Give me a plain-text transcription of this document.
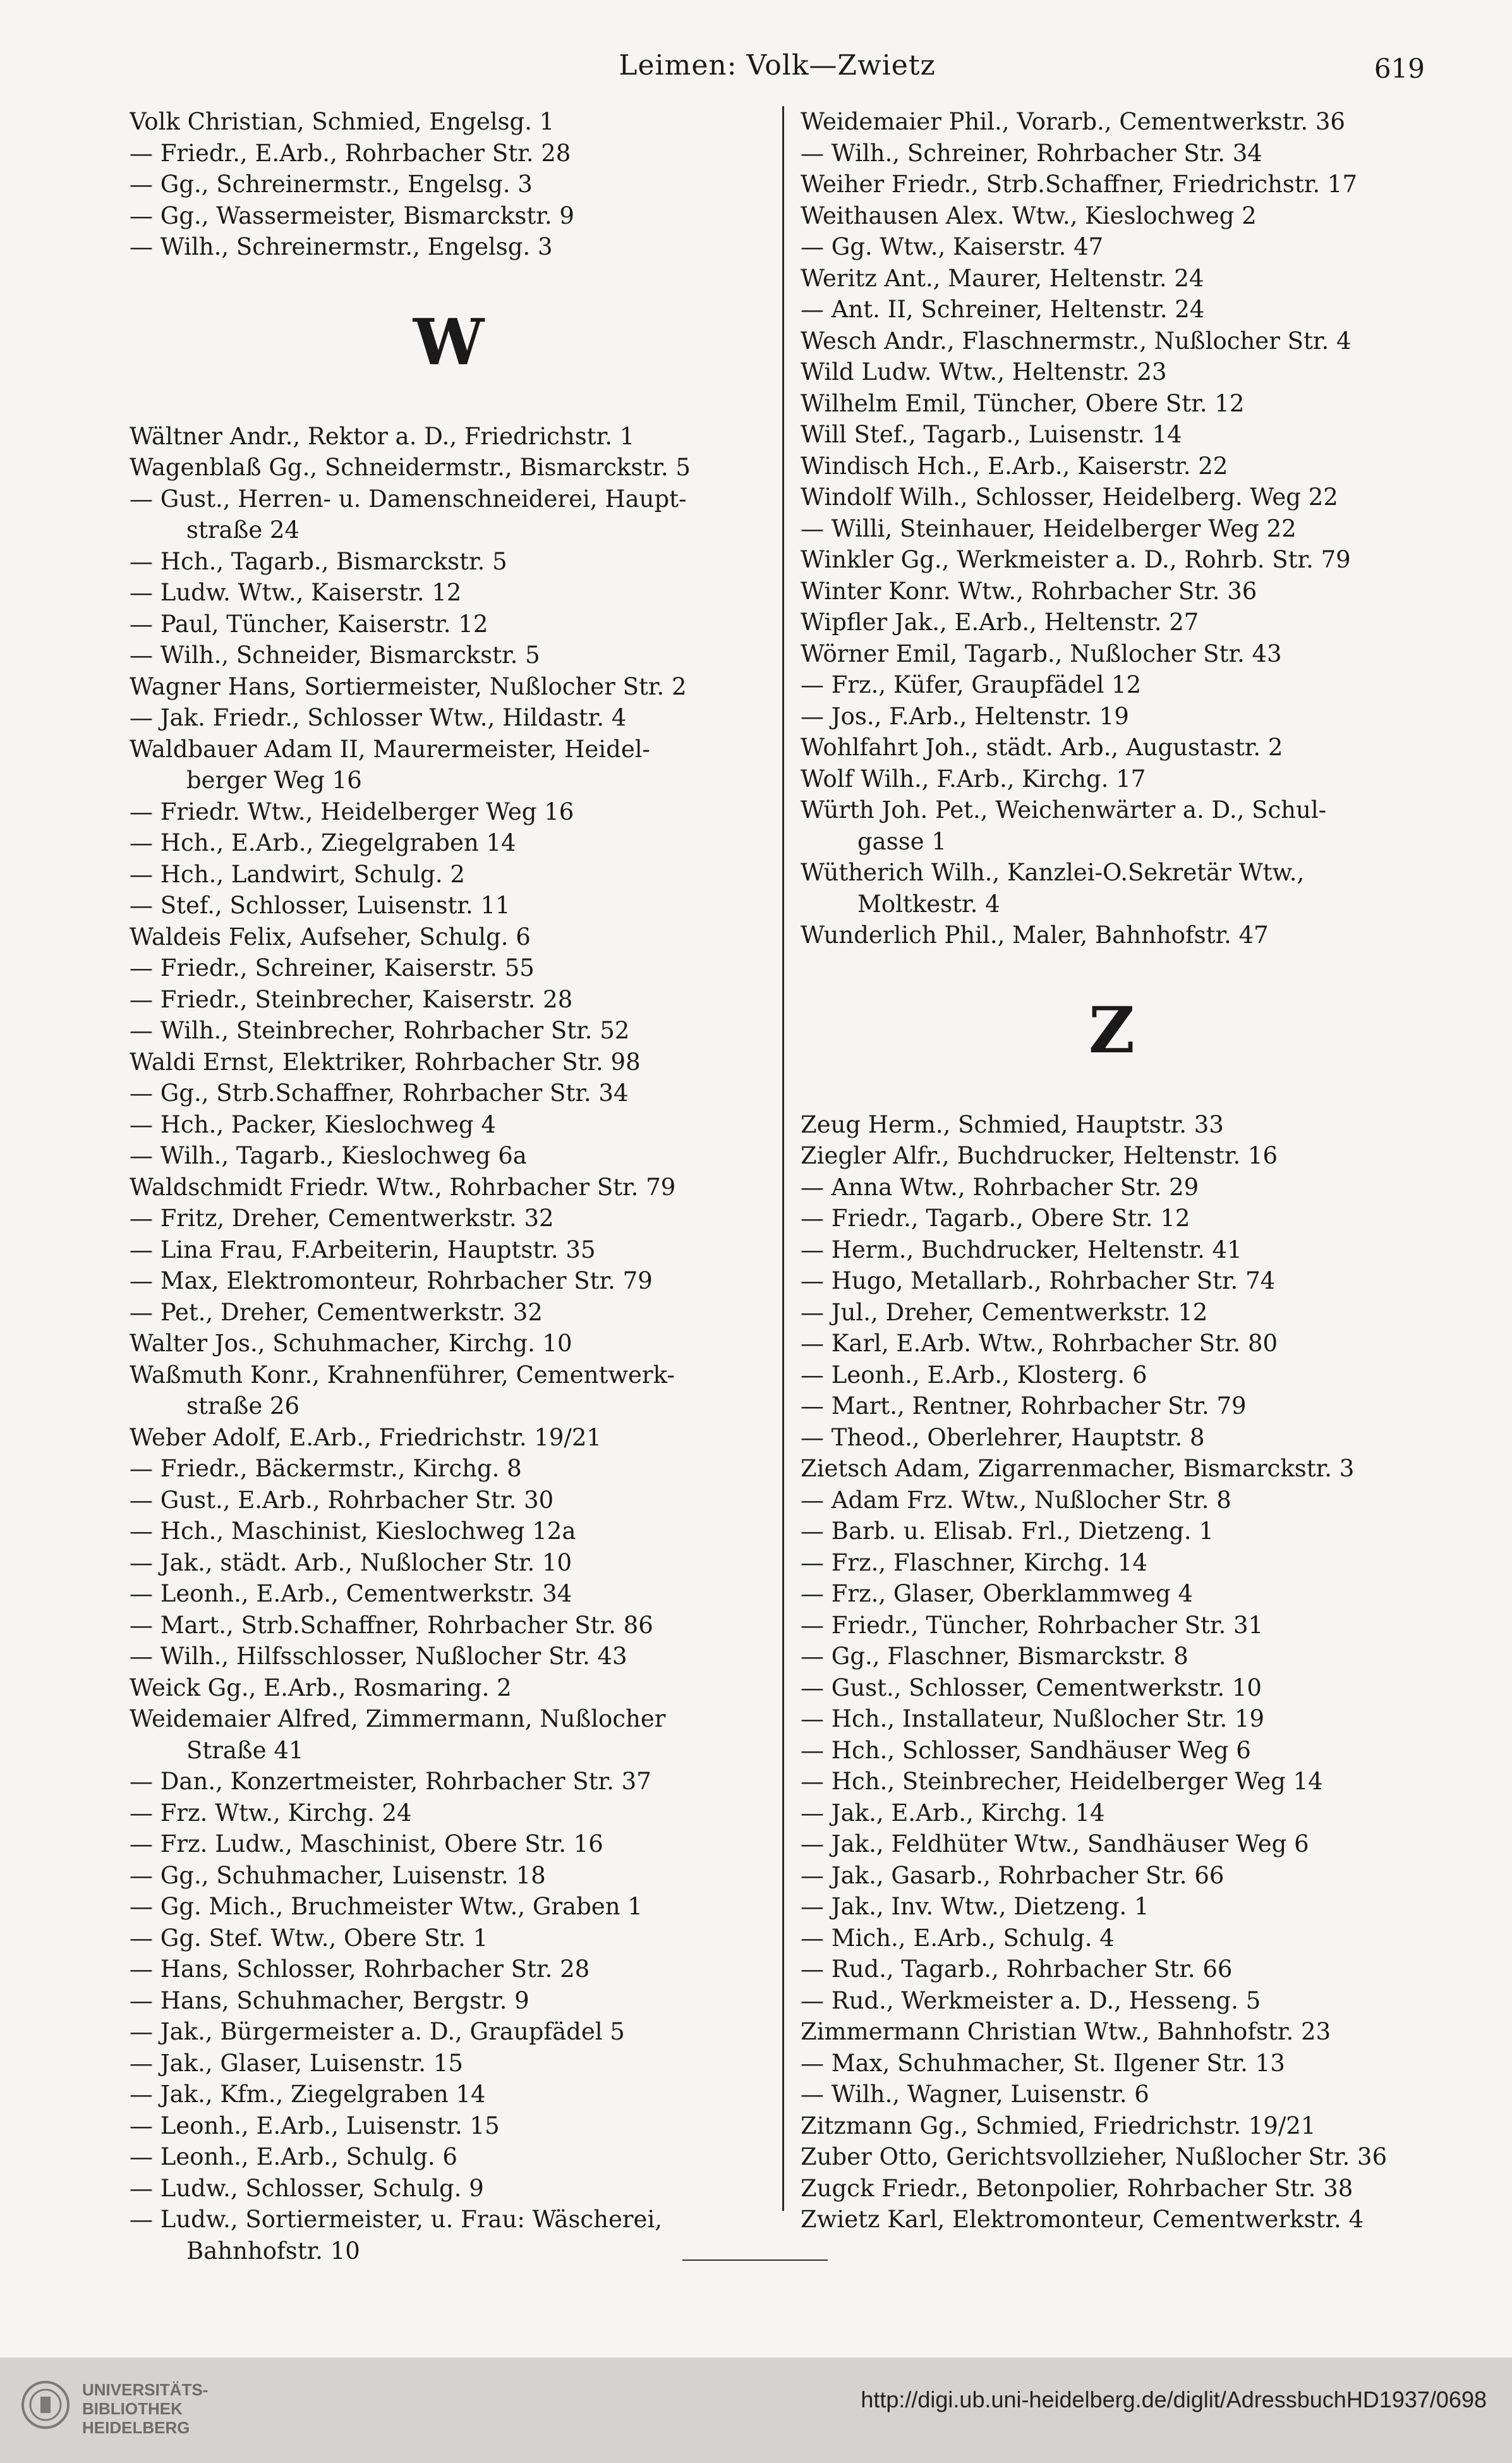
Leimen: Volk—Zwietz	619
Volk Christian, Schmied, Engelsg. 1
— Friedr., E.Arb., Rohrbacher Str. 28
— Gg., Schreinermstr., Engelsg. 3
— Gg., Wassermeister, Bismarckstr. 9
— Wilh., Schreinermstr., Engelsg. 3
W
Wältner Andr., Rektor a. D., Friedrichstr. 1
Wagenblaß Gg., Schneidermstr., Bismarckstr. 5
— Gust., Herren- u. Damenschneiderei, Haupt-
straße 24
— Hch., Tagarb., Bismarckstr. 5
— Ludw. Wtw., Kaiserstr. 12
— Paul, Tüncher, Kaiserstr. 12
— Wilh., Schneider, Bismarckstr. 5
Wagner Hans, Sortiermeister, Nußlocher Str. 2
— Jak. Friedr., Schlosser Wtw., Hildastr. 4
Waldbauer Adam II, Maurermeister, Heidel-
berger Weg 16
— Friedr. Wtw., Heidelberger Weg 16
— Hch., E.Arb., Ziegelgraben 14
— Hch., Landwirt, Schulg. 2
— Stef., Schlosser, Luisenstr. 11
Waldeis Felix, Aufseher, Schulg. 6
— Friedr., Schreiner, Kaiserstr. 55
— Friedr., Steinbrecher, Kaiserstr. 28
— Wilh., Steinbrecher, Rohrbacher Str. 52
Waldi Ernst, Elektriker, Rohrbacher Str. 98
— Gg., Strb.Schaffner, Rohrbacher Str. 34
— Hch., Packer, Kieslochweg 4
— Wilh., Tagarb., Kieslochweg 6a
Waldschmidt Friedr. Wtw., Rohrbacher Str. 79
— Fritz, Dreher, Cementwerkstr. 32
— Lina Frau, F.Arbeiterin, Hauptstr. 35
— Max, Elektromonteur, Rohrbacher Str. 79
— Pet., Dreher, Cementwerkstr. 32
Walter Jos., Schuhmacher, Kirchg. 10
Waßmuth Konr., Krahnenführer, Cementwerk-
straße 26
Weber Adolf, E.Arb., Friedrichstr. 19/21
— Friedr., Bäckermstr., Kirchg. 8
— Gust., E.Arb., Rohrbacher Str. 30
— Hch., Maschinist, Kieslochweg 12a
— Jak., städt. Arb., Nußlocher Str. 10
— Leonh., E.Arb., Cementwerkstr. 34
— Mart., Strb.Schaffner, Rohrbacher Str. 86
— Wilh., Hilfsschlosser, Nußlocher Str. 43
Weick Gg., E.Arb., Rosmaring. 2
Weidemaier Alfred, Zimmermann, Nußlocher
Straße 41
— Dan., Konzertmeister, Rohrbacher Str. 37
— Frz. Wtw., Kirchg. 24
— Frz. Ludw., Maschinist, Obere Str. 16
— Gg., Schuhmacher, Luisenstr. 18
— Gg. Mich., Bruchmeister Wtw., Graben 1
— Gg. Stef. Wtw., Obere Str. 1
— Hans, Schlosser, Rohrbacher Str. 28
— Hans, Schuhmacher, Bergstr. 9
— Jak., Bürgermeister a. D., Graupfädel 5
— Jak., Glaser, Luisenstr. 15
— Jak., Kfm., Ziegelgraben 14
— Leonh., E.Arb., Luisenstr. 15
— Leonh., E.Arb., Schulg. 6
— Ludw., Schlosser, Schulg. 9
— Ludw., Sortiermeister, u. Frau: Wäscherei,
Bahnhofstr. 10
Weidemaier Phil., Vorarb., Cementwerkstr. 36
— Wilh., Schreiner, Rohrbacher Str. 34
Weiher Friedr., Strb.Schaffner, Friedrichstr. 17
Weithausen Alex. Wtw., Kieslochweg 2
— Gg. Wtw., Kaiserstr. 47
Weritz Ant., Maurer, Heltenstr. 24
— Ant. II, Schreiner, Heltenstr. 24
Wesch Andr., Flaschnermstr., Nußlocher Str. 4
Wild Ludw. Wtw., Heltenstr. 23
Wilhelm Emil, Tüncher, Obere Str. 12
Will Stef., Tagarb., Luisenstr. 14
Windisch Hch., E.Arb., Kaiserstr. 22
Windolf Wilh., Schlosser, Heidelberg. Weg 22
— Willi, Steinhauer, Heidelberger Weg 22
Winkler Gg., Werkmeister a. D., Rohrb. Str. 79
Winter Konr. Wtw., Rohrbacher Str. 36
Wipfler Jak., E.Arb., Heltenstr. 27
Wörner Emil, Tagarb., Nußlocher Str. 43
— Frz., Küfer, Graupfädel 12
— Jos., F.Arb., Heltenstr. 19
Wohlfahrt Joh., städt. Arb., Augustastr. 2
Wolf Wilh., F.Arb., Kirchg. 17
Würth Joh. Pet., Weichenwärter a. D., Schul-
gasse 1
Wütherich Wilh., Kanzlei-O.Sekretär Wtw.,
Moltkestr. 4
Wunderlich Phil., Maler, Bahnhofstr. 47
Z
Zeug Herm., Schmied, Hauptstr. 33
Ziegler Alfr., Buchdrucker, Heltenstr. 16
— Anna Wtw., Rohrbacher Str. 29
— Friedr., Tagarb., Obere Str. 12
— Herm., Buchdrucker, Heltenstr. 41
— Hugo, Metallarb., Rohrbacher Str. 74
— Jul., Dreher, Cementwerkstr. 12
— Karl, E.Arb. Wtw., Rohrbacher Str. 80
— Leonh., E.Arb., Klosterg. 6
— Mart., Rentner, Rohrbacher Str. 79
— Theod., Oberlehrer, Hauptstr. 8
Zietsch Adam, Zigarrenmacher, Bismarckstr. 3
— Adam Frz. Wtw., Nußlocher Str. 8
— Barb. u. Elisab. Frl., Dietzeng. 1
— Frz., Flaschner, Kirchg. 14
— Frz., Glaser, Oberklammweg 4
— Friedr., Tüncher, Rohrbacher Str. 31
— Gg., Flaschner, Bismarckstr. 8
— Gust., Schlosser, Cementwerkstr. 10
— Hch., Installateur, Nußlocher Str. 19
— Hch., Schlosser, Sandhäuser Weg 6
— Hch., Steinbrecher, Heidelberger Weg 14
— Jak., E.Arb., Kirchg. 14
— Jak., Feldhüter Wtw., Sandhäuser Weg 6
— Jak., Gasarb., Rohrbacher Str. 66
— Jak., Inv. Wtw., Dietzeng. 1
— Mich., E.Arb., Schulg. 4
— Rud., Tagarb., Rohrbacher Str. 66
— Rud., Werkmeister a. D., Hesseng. 5
Zimmermann Christian Wtw., Bahnhofstr. 23
— Max, Schuhmacher, St. Ilgener Str. 13
— Wilh., Wagner, Luisenstr. 6
Zitzmann Gg., Schmied, Friedrichstr. 19/21
Zuber Otto, Gerichtsvollzieher, Nußlocher Str. 36
Zugck Friedr., Betonpolier, Rohrbacher Str. 38
Zwietz Karl, Elektromonteur, Cementwerkstr. 4
UNIVERSITÄTS-
BIBLIOTHEK
HEIDELBERG
http://digi.ub.uni-heidelberg.de/diglit/AdressbuchHD1937/0698
